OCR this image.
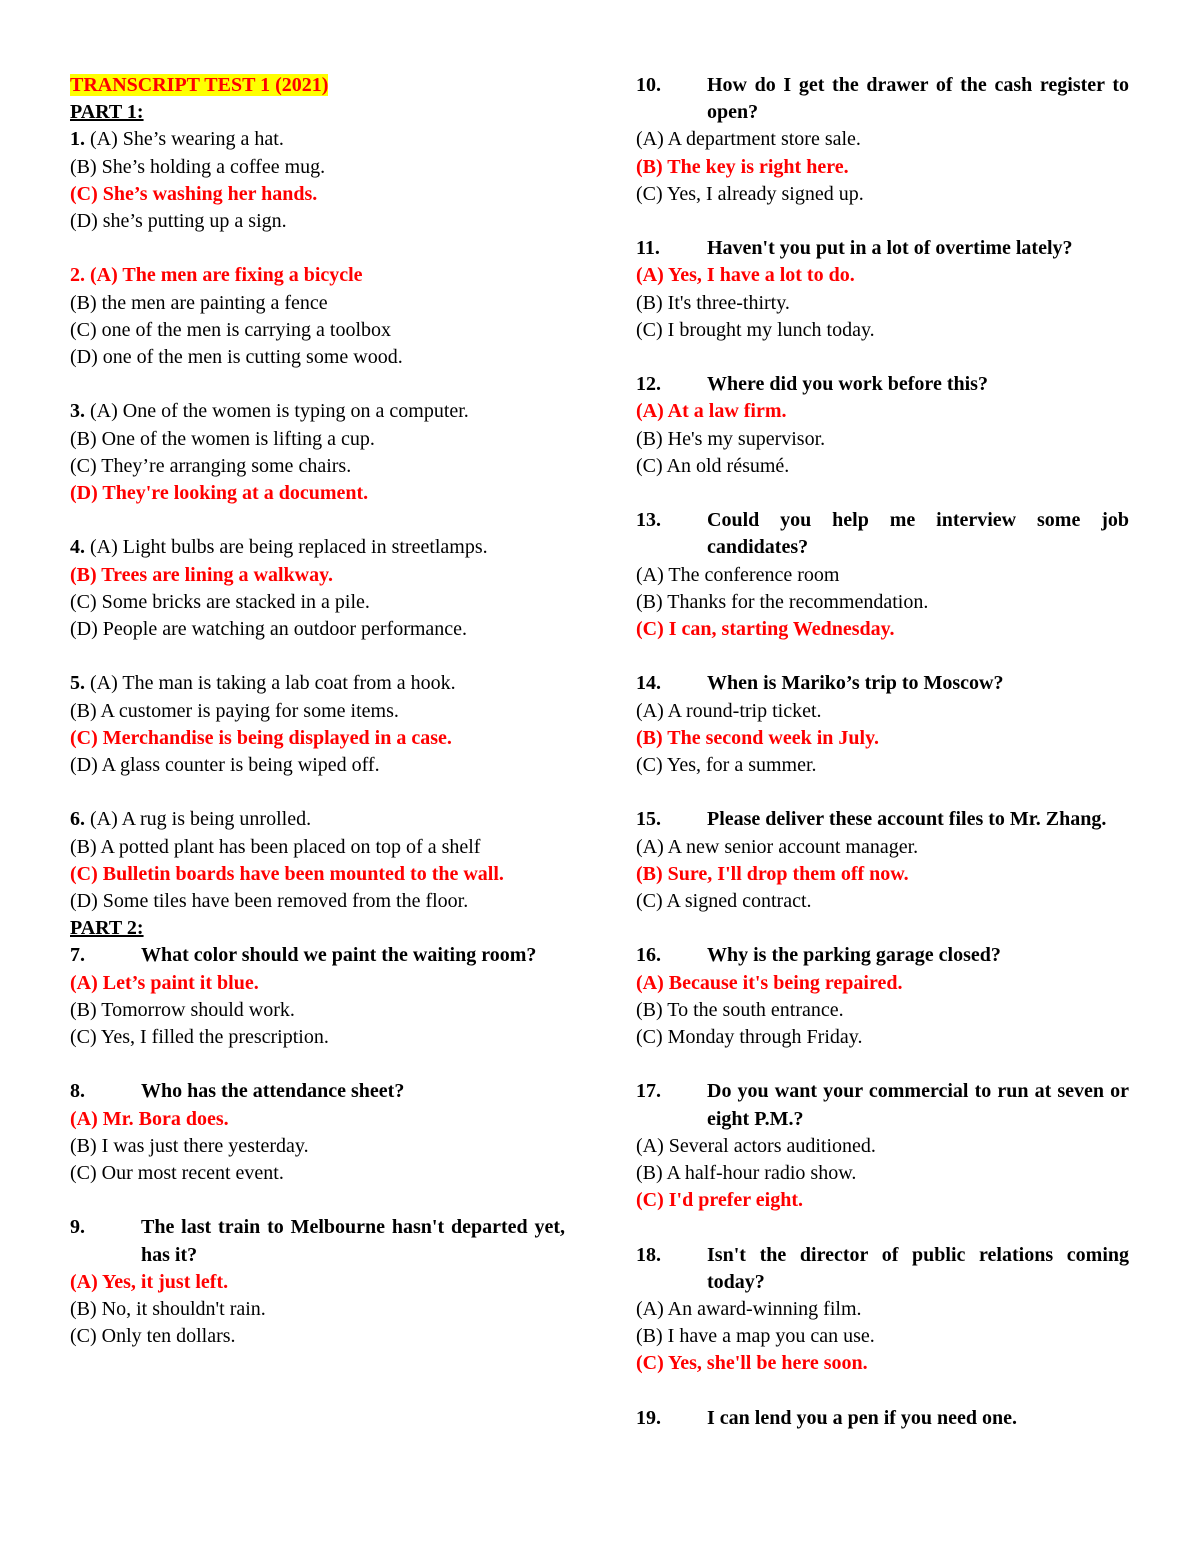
TRANSCRIPT TEST 1 (2021)
PART 1:
1. (A) She’s wearing a hat.
(B) She’s holding a coffee mug.
(C) She’s washing her hands.
(D) she’s putting up a sign.
2. (A) The men are fixing a bicycle
(B) the men are painting a fence
(C) one of the men is carrying a toolbox
(D) one of the men is cutting some wood.
3. (A) One of the women is typing on a computer.
(B) One of the women is lifting a cup.
(C) They’re arranging some chairs.
(D) They're looking at a document.
4. (A) Light bulbs are being replaced in streetlamps.
(B) Trees are lining a walkway.
(C) Some bricks are stacked in a pile.
(D) People are watching an outdoor performance.
5. (A) The man is taking a lab coat from a hook.
(B) A customer is paying for some items.
(C) Merchandise is being displayed in a case.
(D) A glass counter is being wiped off.
6. (A) A rug is being unrolled.
(B) A potted plant has been placed on top of a shelf
(C) Bulletin boards have been mounted to the wall.
(D) Some tiles have been removed from the floor.
PART 2:
7.	What color should we paint the waiting room?
(A) Let’s paint it blue.
(B) Tomorrow should work.
(C) Yes, I filled the prescription.
8.	Who has the attendance sheet?
(A) Mr. Bora does.
(B) I was just there yesterday.
(C) Our most recent event.
9.	The last train to Melbourne hasn't departed yet, has it?
(A) Yes, it just left.
(B) No, it shouldn't rain.
(C) Only ten dollars.
10.	How do I get the drawer of the cash register to open?
(A) A department store sale.
(B) The key is right here.
(C) Yes, I already signed up.
11.	Haven't you put in a lot of overtime lately?
(A) Yes, I have a lot to do.
(B) It's three-thirty.
(C) I brought my lunch today.
12.	Where did you work before this?
(A) At a law firm.
(B) He's my supervisor.
(C) An old résumé.
13.	Could you help me interview some job candidates?
(A) The conference room
(B) Thanks for the recommendation.
(C) I can, starting Wednesday.
14.	When is Mariko’s trip to Moscow?
(A) A round-trip ticket.
(B) The second week in July.
(C) Yes, for a summer.
15.	Please deliver these account files to Mr. Zhang.
(A) A new senior account manager.
(B) Sure, I'll drop them off now.
(C) A signed contract.
16.	Why is the parking garage closed?
(A) Because it's being repaired.
(B) To the south entrance.
(C) Monday through Friday.
17.	Do you want your commercial to run at seven or eight P.M.?
(A) Several actors auditioned.
(B) A half-hour radio show.
(C) I'd prefer eight.
18.	Isn't the director of public relations coming today?
(A) An award-winning film.
(B) I have a map you can use.
(C) Yes, she'll be here soon.
19.	I can lend you a pen if you need one.
